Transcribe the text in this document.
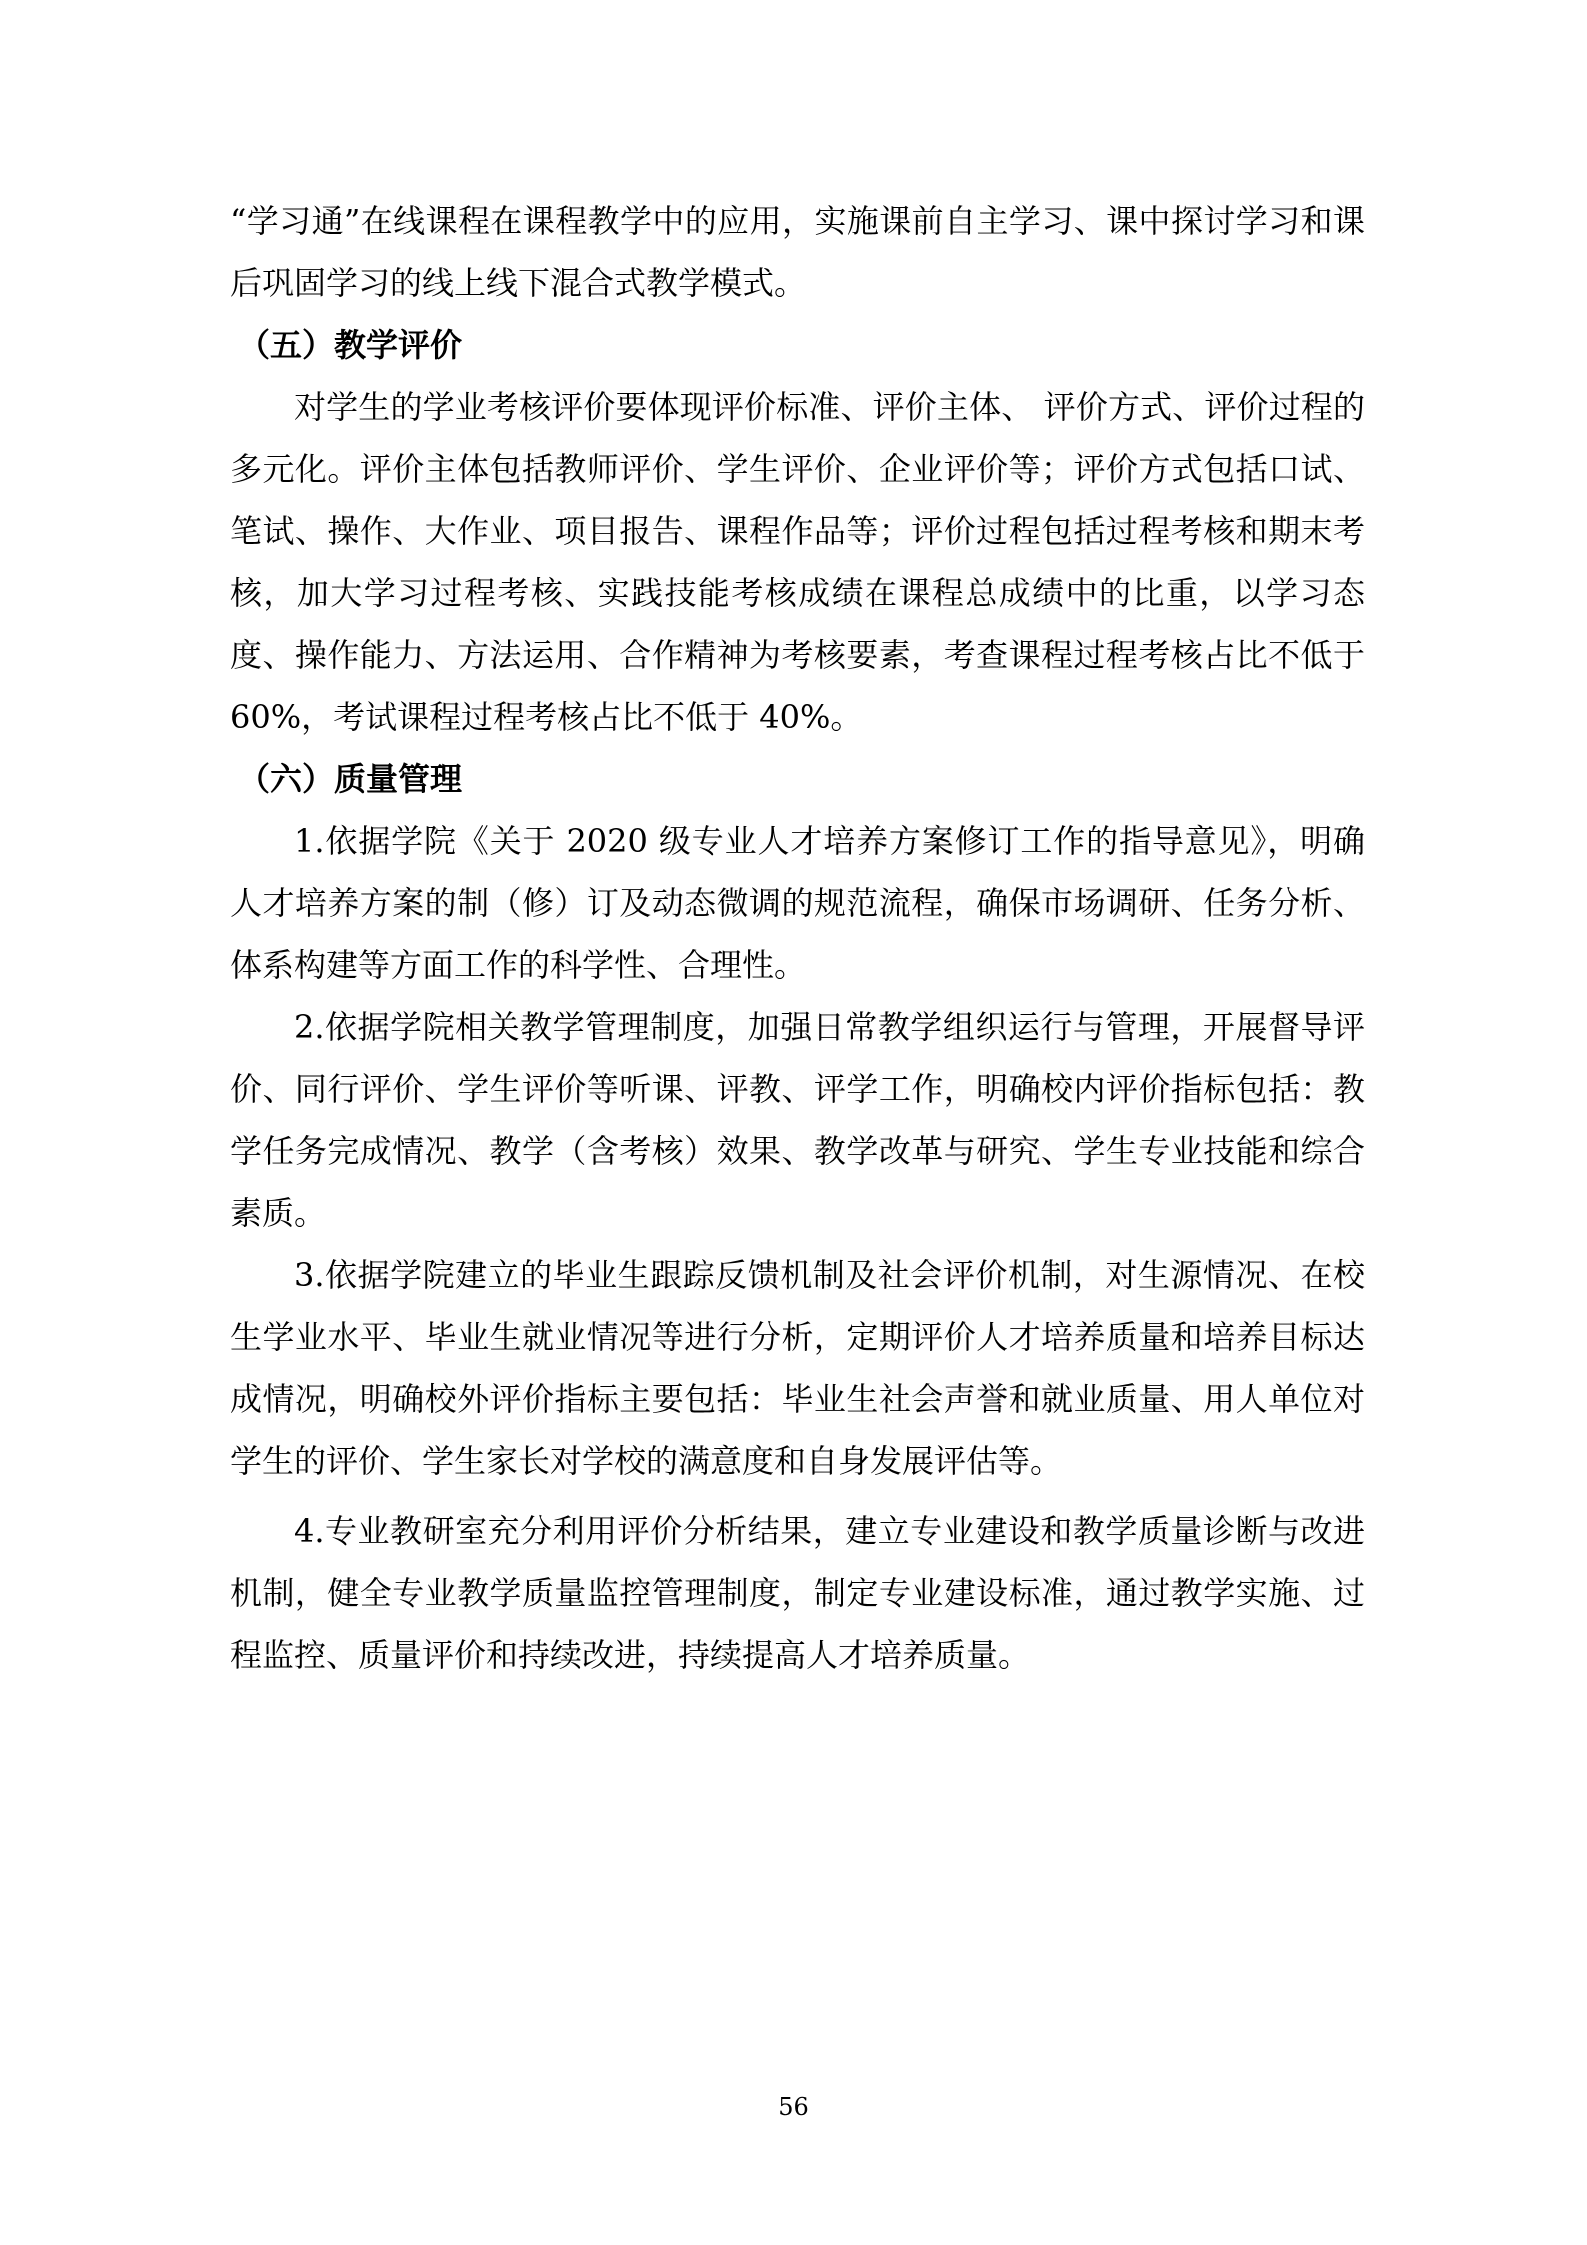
“学习通”在线课程在课程教学中的应用，实施课前自主学习、课中探讨学习和课后巩固学习的线上线下混合式教学模式。

（五）教学评价

对学生的学业考核评价要体现评价标准、评价主体、 评价方式、评价过程的多元化。评价主体包括教师评价、学生评价、企业评价等；评价方式包括口试、笔试、操作、大作业、项目报告、课程作品等；评价过程包括过程考核和期末考核，加大学习过程考核、实践技能考核成绩在课程总成绩中的比重，以学习态度、操作能力、方法运用、合作精神为考核要素，考查课程过程考核占比不低于 60%，考试课程过程考核占比不低于 40%。

（六）质量管理

1.依据学院《关于 2020 级专业人才培养方案修订工作的指导意见》，明确人才培养方案的制（修）订及动态微调的规范流程，确保市场调研、任务分析、体系构建等方面工作的科学性、合理性。

2.依据学院相关教学管理制度，加强日常教学组织运行与管理，开展督导评价、同行评价、学生评价等听课、评教、评学工作，明确校内评价指标包括：教学任务完成情况、教学（含考核）效果、教学改革与研究、学生专业技能和综合素质。

3.依据学院建立的毕业生跟踪反馈机制及社会评价机制，对生源情况、在校生学业水平、毕业生就业情况等进行分析，定期评价人才培养质量和培养目标达成情况，明确校外评价指标主要包括：毕业生社会声誉和就业质量、用人单位对学生的评价、学生家长对学校的满意度和自身发展评估等。

4.专业教研室充分利用评价分析结果，建立专业建设和教学质量诊断与改进机制，健全专业教学质量监控管理制度，制定专业建设标准，通过教学实施、过程监控、质量评价和持续改进，持续提高人才培养质量。

56
